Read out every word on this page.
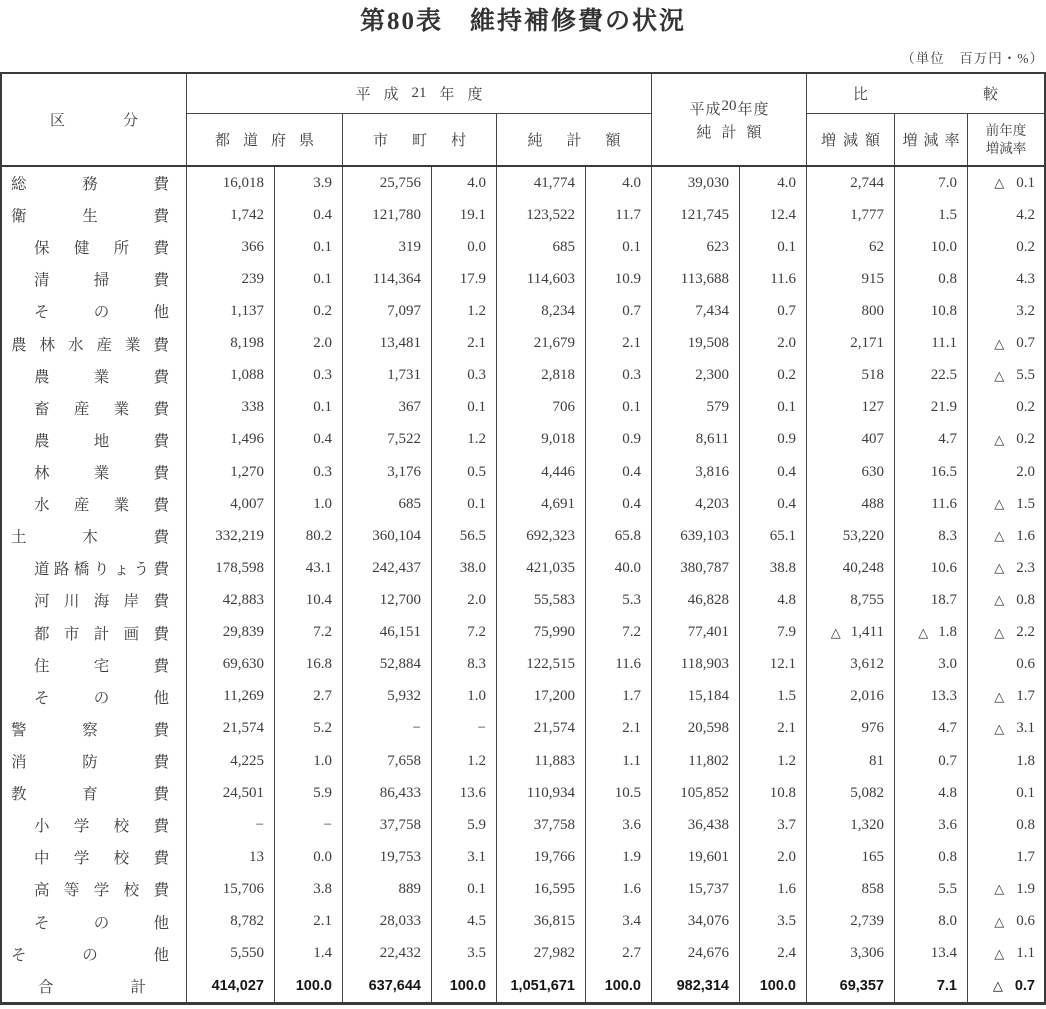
第80表　維持補修費の状況
（単位　百万円・%）
区	分
平 成 21 年 度
都 道 府 県	市 町 村	純 計 額
平 成 20 年 度
純 計 額
比	較
増 減 額 増 減 率
前年度
増減率
総	務	費	16,018	3.9	25,756	4.0	41,774	4.0	39,030	4.0	2,744	7.0	△ 0.1
衛	生	費	1,742	0.4	121,780	19.1	123,522	11.7	121,745	12.4	1,777	1.5	4.2
保 健 所 費	366	0.1	319	0.0	685	0.1	623	0.1	62	10.0	0.2
清	掃	費	239	0.1	114,364	17.9	114,603	10.9	113,688	11.6	915	0.8	4.3
そ	の	他	1,137	0.2	7,097	1.2	8,234	0.7	7,434	0.7	800	10.8	3.2
農 林 水 産 業 費	8,198	2.0	13,481	2.1	21,679	2.1	19,508	2.0	2,171	11.1	△ 0.7
農	業	費	1,088	0.3	1,731	0.3	2,818	0.3	2,300	0.2	518	22.5	△ 5.5
畜 産 業 費	338	0.1	367	0.1	706	0.1	579	0.1	127	21.9	0.2
農	地	費	1,496	0.4	7,522	1.2	9,018	0.9	8,611	0.9	407	4.7	△ 0.2
林	業	費	1,270	0.3	3,176	0.5	4,446	0.4	3,816	0.4	630	16.5	2.0
水 産 業 費	4,007	1.0	685	0.1	4,691	0.4	4,203	0.4	488	11.6	△ 1.5
土	木	費	332,219	80.2	360,104	56.5	692,323	65.8	639,103	65.1	53,220	8.3	△ 1.6
道 路 橋 り ょ う 費	178,598	43.1	242,437	38.0	421,035	40.0	380,787	38.8	40,248	10.6	△ 2.3
河 川 海 岸 費	42,883	10.4	12,700	2.0	55,583	5.3	46,828	4.8	8,755	18.7	△ 0.8
都 市 計 画 費	29,839	7.2	46,151	7.2	75,990	7.2	77,401	7.9	△ 1,411	△ 1.8	△ 2.2
住	宅	費	69,630	16.8	52,884	8.3	122,515	11.6	118,903	12.1	3,612	3.0	0.6
そ	の	他	11,269	2.7	5,932	1.0	17,200	1.7	15,184	1.5	2,016	13.3	△ 1.7
警	察	費	21,574	5.2	−	−	21,574	2.1	20,598	2.1	976	4.7	△ 3.1
消	防	費	4,225	1.0	7,658	1.2	11,883	1.1	11,802	1.2	81	0.7	1.8
教	育	費	24,501	5.9	86,433	13.6	110,934	10.5	105,852	10.8	5,082	4.8	0.1
小 学 校 費	−	−	37,758	5.9	37,758	3.6	36,438	3.7	1,320	3.6	0.8
中 学 校 費	13	0.0	19,753	3.1	19,766	1.9	19,601	2.0	165	0.8	1.7
高 等 学 校 費	15,706	3.8	889	0.1	16,595	1.6	15,737	1.6	858	5.5	△ 1.9
そ	の	他	8,782	2.1	28,033	4.5	36,815	3.4	34,076	3.5	2,739	8.0	△ 0.6
そ	の	他	5,550	1.4	22,432	3.5	27,982	2.7	24,676	2.4	3,306	13.4	△ 1.1
合	計	414,027	100.0	637,644	100.0	1,051,671	100.0	982,314	100.0	69,357	7.1	△ 0.7
